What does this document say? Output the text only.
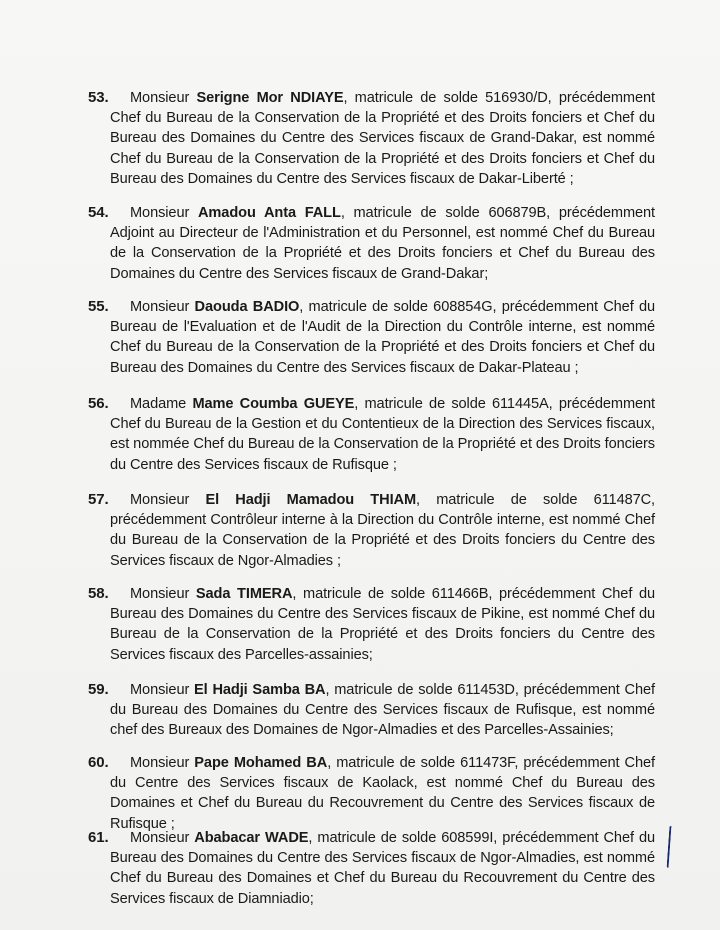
53.	Monsieur Serigne Mor NDIAYE, matricule de solde 516930/D, précédemment Chef du Bureau de la Conservation de la Propriété et des Droits fonciers et Chef du Bureau des Domaines du Centre des Services fiscaux de Grand-Dakar, est nommé Chef du Bureau de la Conservation de la Propriété et des Droits fonciers et Chef du Bureau des Domaines du Centre des Services fiscaux de Dakar-Liberté ;

54.	Monsieur Amadou Anta FALL, matricule de solde 606879B, précédemment Adjoint au Directeur de l'Administration et du Personnel, est nommé Chef du Bureau de la Conservation de la Propriété et des Droits fonciers et Chef du Bureau des Domaines du Centre des Services fiscaux de Grand-Dakar;

55.	Monsieur Daouda BADIO, matricule de solde 608854G, précédemment Chef du Bureau de l'Evaluation et de l'Audit de la Direction du Contrôle interne, est nommé Chef du Bureau de la Conservation de la Propriété et des Droits fonciers et Chef du Bureau des Domaines du Centre des Services fiscaux de Dakar-Plateau ;

56.	Madame Mame Coumba GUEYE, matricule de solde 611445A, précédemment Chef du Bureau de la Gestion et du Contentieux de la Direction des Services fiscaux, est nommée Chef du Bureau de la Conservation de la Propriété et des Droits fonciers du Centre des Services fiscaux de Rufisque ;

57.	Monsieur El Hadji Mamadou THIAM, matricule de solde 611487C, précédemment Contrôleur interne à la Direction du Contrôle interne, est nommé Chef du Bureau de la Conservation de la Propriété et des Droits fonciers du Centre des Services fiscaux de Ngor-Almadies ;

58.	Monsieur Sada TIMERA, matricule de solde 611466B, précédemment Chef du Bureau des Domaines du Centre des Services fiscaux de Pikine, est nommé Chef du Bureau de la Conservation de la Propriété et des Droits fonciers du Centre des Services fiscaux des Parcelles-assainies;

59.	Monsieur El Hadji Samba BA, matricule de solde 611453D, précédemment Chef du Bureau des Domaines du Centre des Services fiscaux de Rufisque, est nommé chef des Bureaux des Domaines de Ngor-Almadies et des Parcelles-Assainies;

60.	Monsieur Pape Mohamed BA, matricule de solde 611473F, précédemment Chef du Centre des Services fiscaux de Kaolack, est nommé Chef du Bureau des Domaines et Chef du Bureau du Recouvrement du Centre des Services fiscaux de Rufisque ;

61.	Monsieur Ababacar WADE, matricule de solde 608599I, précédemment Chef du Bureau des Domaines du Centre des Services fiscaux de Ngor-Almadies, est nommé Chef du Bureau des Domaines et Chef du Bureau du Recouvrement du Centre des Services fiscaux de Diamniadio;
